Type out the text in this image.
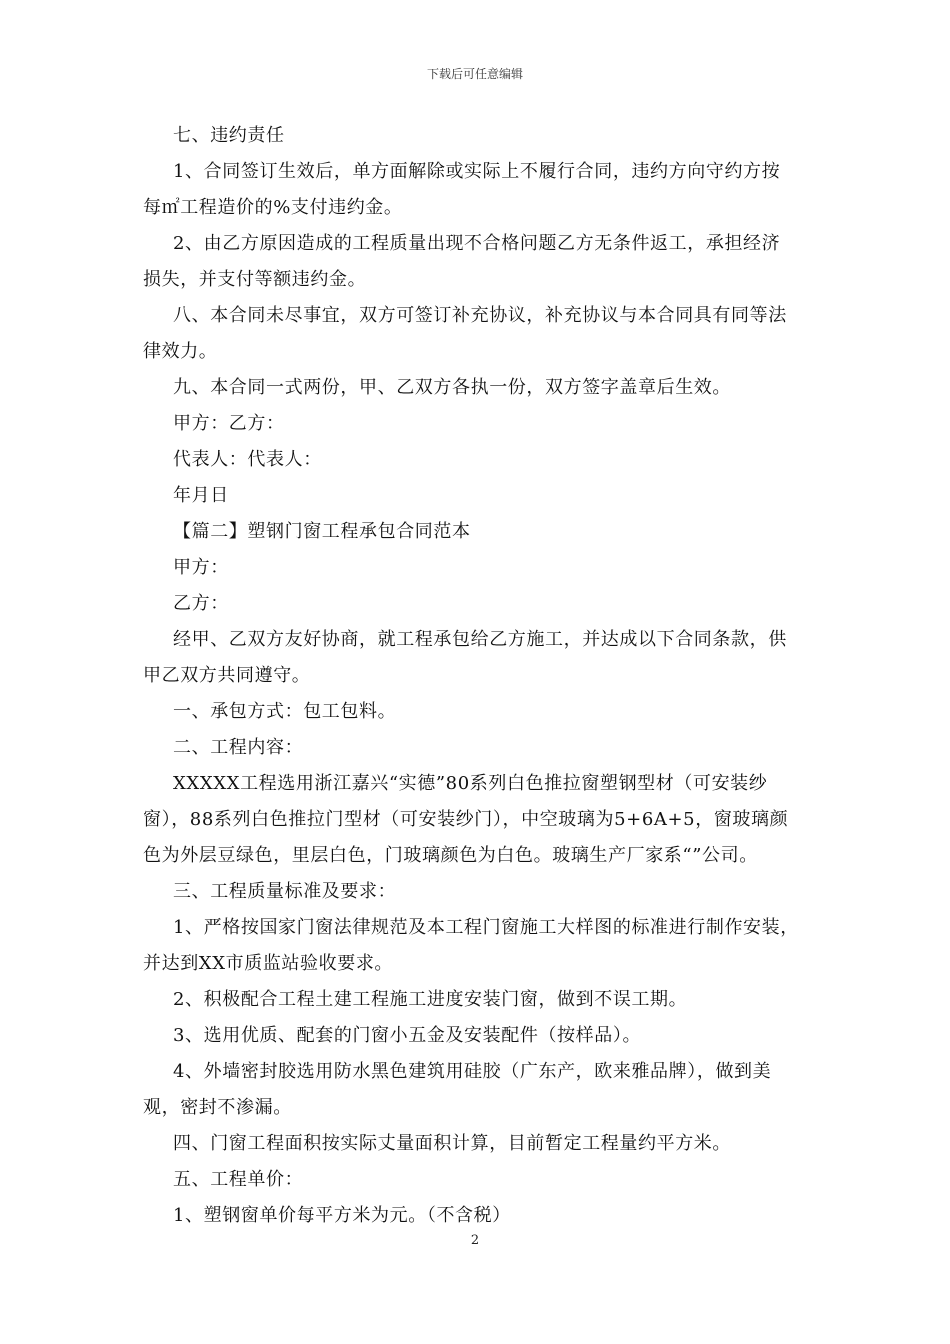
下载后可任意编辑

七、违约责任

1、合同签订生效后，单方面解除或实际上不履行合同，违约方向守约方按

每㎡工程造价的%支付违约金。

2、由乙方原因造成的工程质量出现不合格问题乙方无条件返工，承担经济

损失，并支付等额违约金。

八、本合同未尽事宜，双方可签订补充协议，补充协议与本合同具有同等法

律效力。

九、本合同一式两份，甲、乙双方各执一份，双方签字盖章后生效。

甲方：乙方：

代表人：代表人：

年月日

【篇二】塑钢门窗工程承包合同范本

甲方：

乙方：

经甲、乙双方友好协商，就工程承包给乙方施工，并达成以下合同条款，供

甲乙双方共同遵守。

一、承包方式：包工包料。

二、工程内容：

XXXXX工程选用浙江嘉兴“实德”80系列白色推拉窗塑钢型材（可安装纱

窗），88系列白色推拉门型材（可安装纱门），中空玻璃为5+6A+5，窗玻璃颜

色为外层豆绿色，里层白色，门玻璃颜色为白色。玻璃生产厂家系“”公司。

三、工程质量标准及要求：

1、严格按国家门窗法律规范及本工程门窗施工大样图的标准进行制作安装，

并达到XX市质监站验收要求。

2、积极配合工程土建工程施工进度安装门窗，做到不误工期。

3、选用优质、配套的门窗小五金及安装配件（按样品）。

4、外墙密封胶选用防水黑色建筑用硅胶（广东产，欧来雅品牌），做到美

观，密封不渗漏。

四、门窗工程面积按实际丈量面积计算，目前暂定工程量约平方米。

五、工程单价：

1、塑钢窗单价每平方米为元。（不含税）

2
